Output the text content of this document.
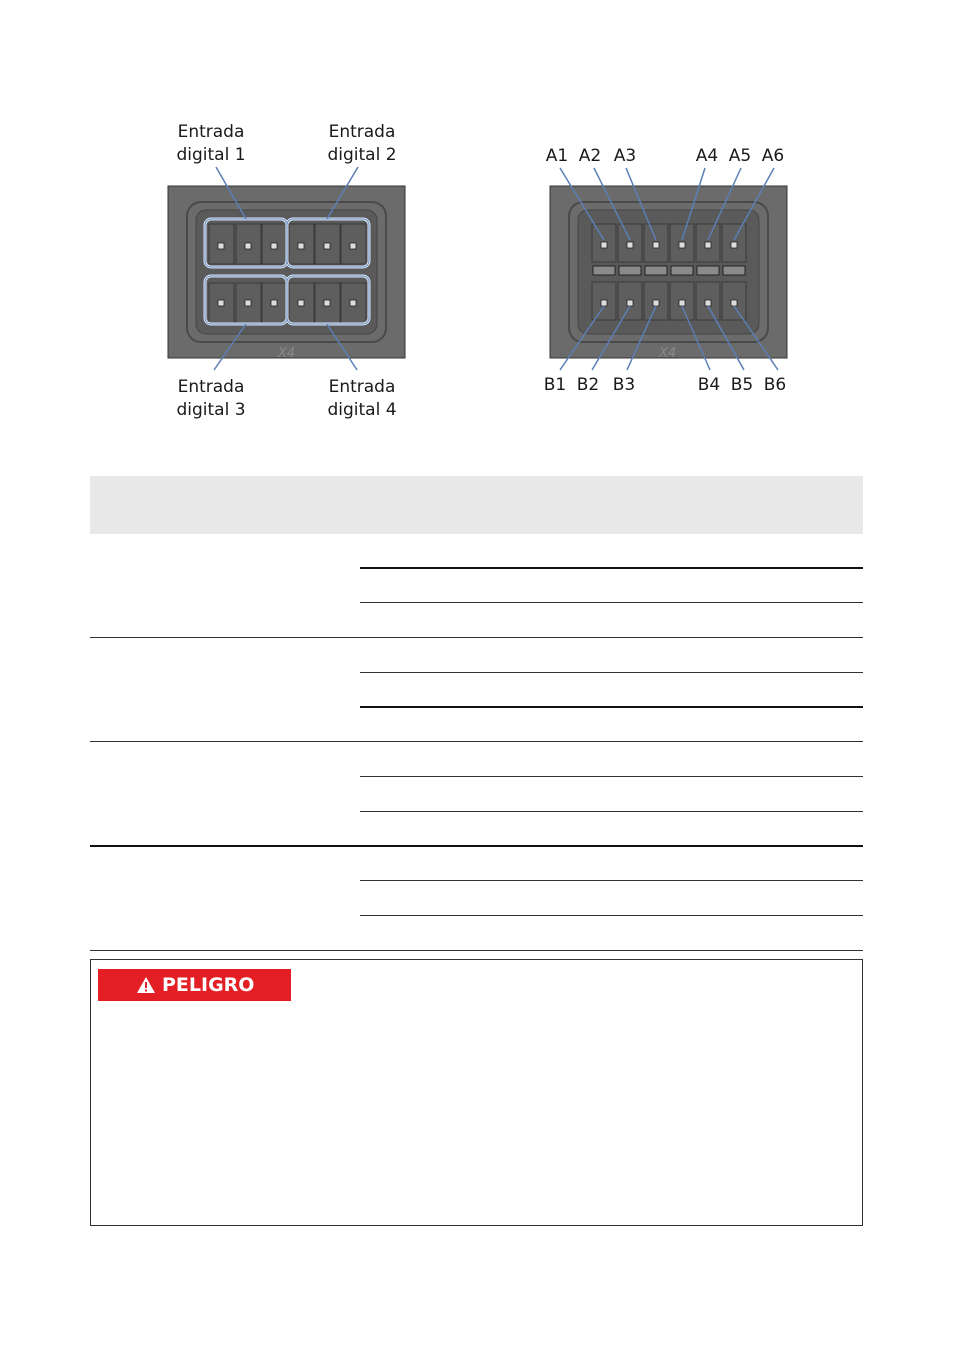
X4
Entrada
digital 1
Entrada
digital 2
Entrada
digital 3
Entrada
digital 4
X4
A1 A2 A3	A4 A5 A6
B1 B2 B3	B4 B5 B6
PELIGRO
